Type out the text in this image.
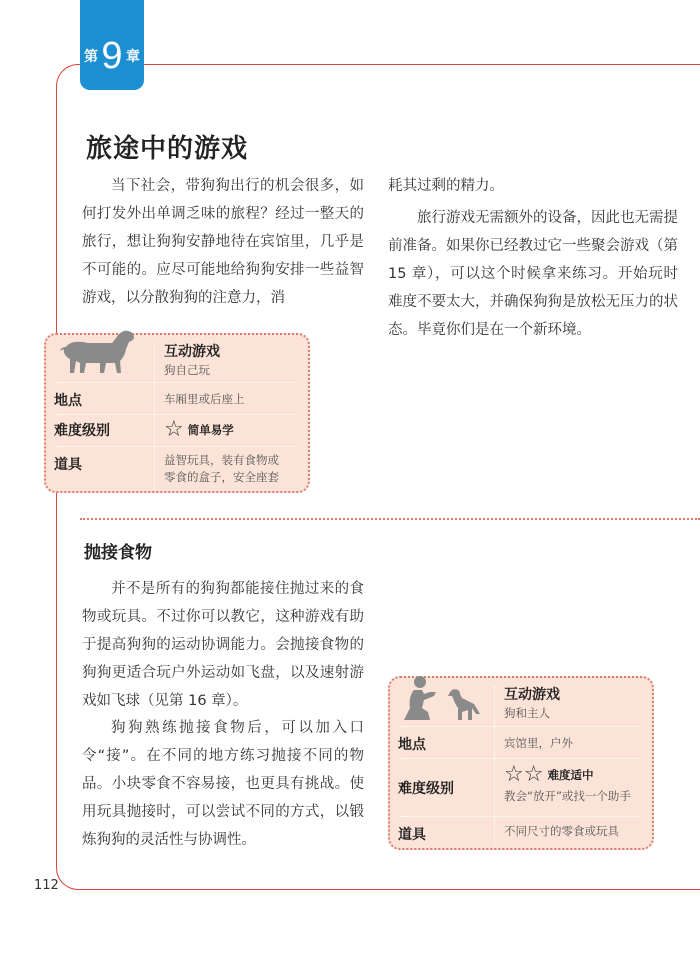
第 9 章
旅途中的游戏

当下社会，带狗狗出行的机会很多，如何打发外出单调乏味的旅程？经过一整天的旅行，想让狗狗安静地待在宾馆里，几乎是不可能的。应尽可能地给狗狗安排一些益智游戏，以分散狗狗的注意力，消

耗其过剩的精力。

旅行游戏无需额外的设备，因此也无需提前准备。如果你已经教过它一些聚会游戏（第 15 章），可以这个时候拿来练习。开始玩时难度不要太大，并确保狗狗是放松无压力的状态。毕竟你们是在一个新环境。

互动游戏
狗自己玩
地点	车厢里或后座上
难度级别 ☆ 简单易学
道具	益智玩具，装有食物或
零食的盒子，安全座套
抛接食物

并不是所有的狗狗都能接住抛过来的食物或玩具。不过你可以教它，这种游戏有助于提高狗狗的运动协调能力。会抛接食物的狗狗更适合玩户外运动如飞盘，以及速射游戏如飞球（见第 16 章）。

狗狗熟练抛接食物后，可以加入口令“接”。在不同的地方练习抛接不同的物品。小块零食不容易接，也更具有挑战。使用玩具抛接时，可以尝试不同的方式，以锻炼狗狗的灵活性与协调性。

互动游戏
狗和主人
地点	宾馆里，户外
难度级别
☆☆ 难度适中
教会“放开”或找一个助手
道具	不同尺寸的零食或玩具
112
